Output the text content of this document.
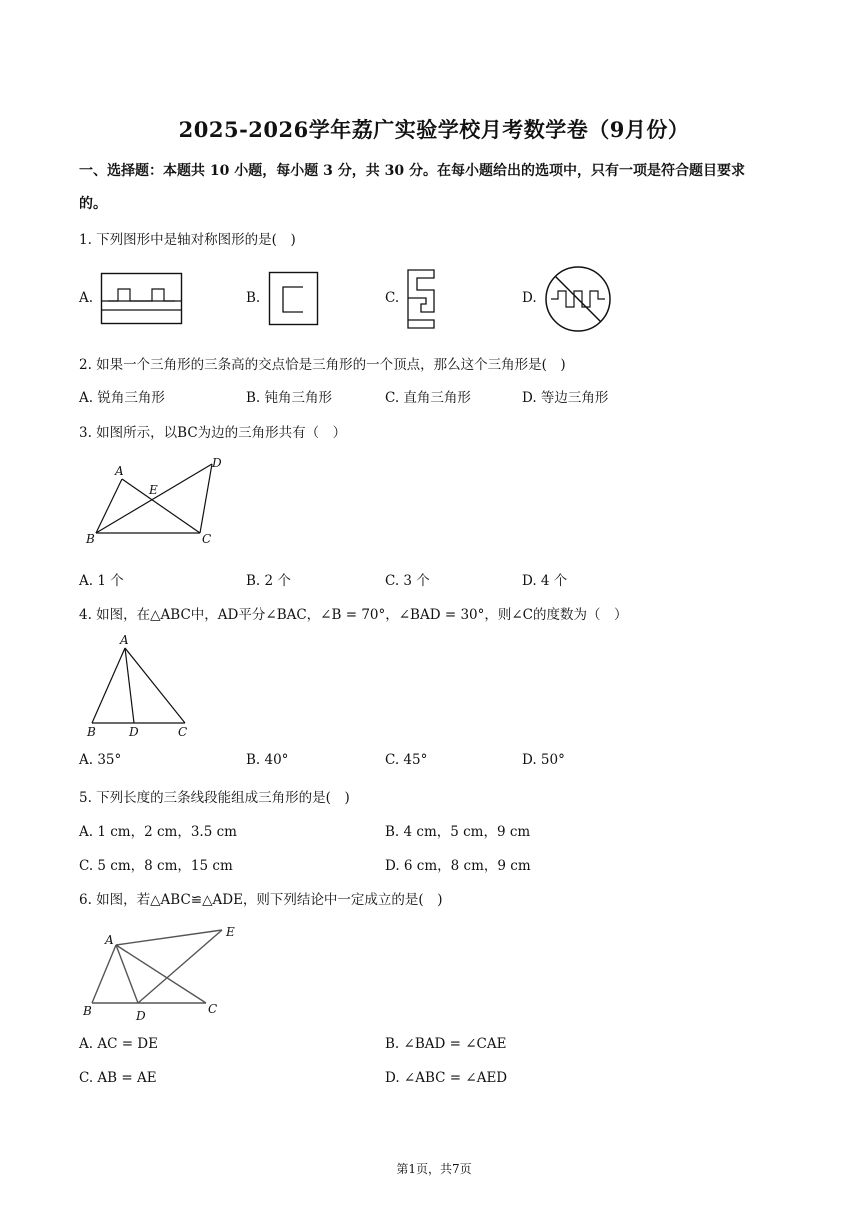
2025-2026学年荔广实验学校月考数学卷（9月份）
一、选择题：本题共 10 小题，每小题 3 分，共 30 分。在每小题给出的选项中，只有一项是符合题目要求
的。
1. 下列图形中是轴对称图形的是(　)
A.	B.	C.	D.
2. 如果一个三角形的三条高的交点恰是三角形的一个顶点，那么这个三角形是(　)
A. 锐角三角形	B. 钝角三角形	C. 直角三角形	D. 等边三角形
3. 如图所示，以BC为边的三角形共有（　）
A
D
E
B	C
A. 1 个	B. 2 个	C. 3 个	D. 4 个
4. 如图，在△ABC中，AD平分∠BAC，∠B = 70°，∠BAD = 30°，则∠C的度数为（　）
A
B	D	C
A. 35°	B. 40°	C. 45°	D. 50°
5. 下列长度的三条线段能组成三角形的是(　)
A. 1 cm，2 cm，3.5 cm	B. 4 cm，5 cm，9 cm
C. 5 cm，8 cm，15 cm	D. 6 cm，8 cm，9 cm
6. 如图，若△ABC≌△ADE，则下列结论中一定成立的是(　)
A
E
B	D	C
A. AC = DE	B. ∠BAD = ∠CAE
C. AB = AE	D. ∠ABC = ∠AED
第1页，共7页
